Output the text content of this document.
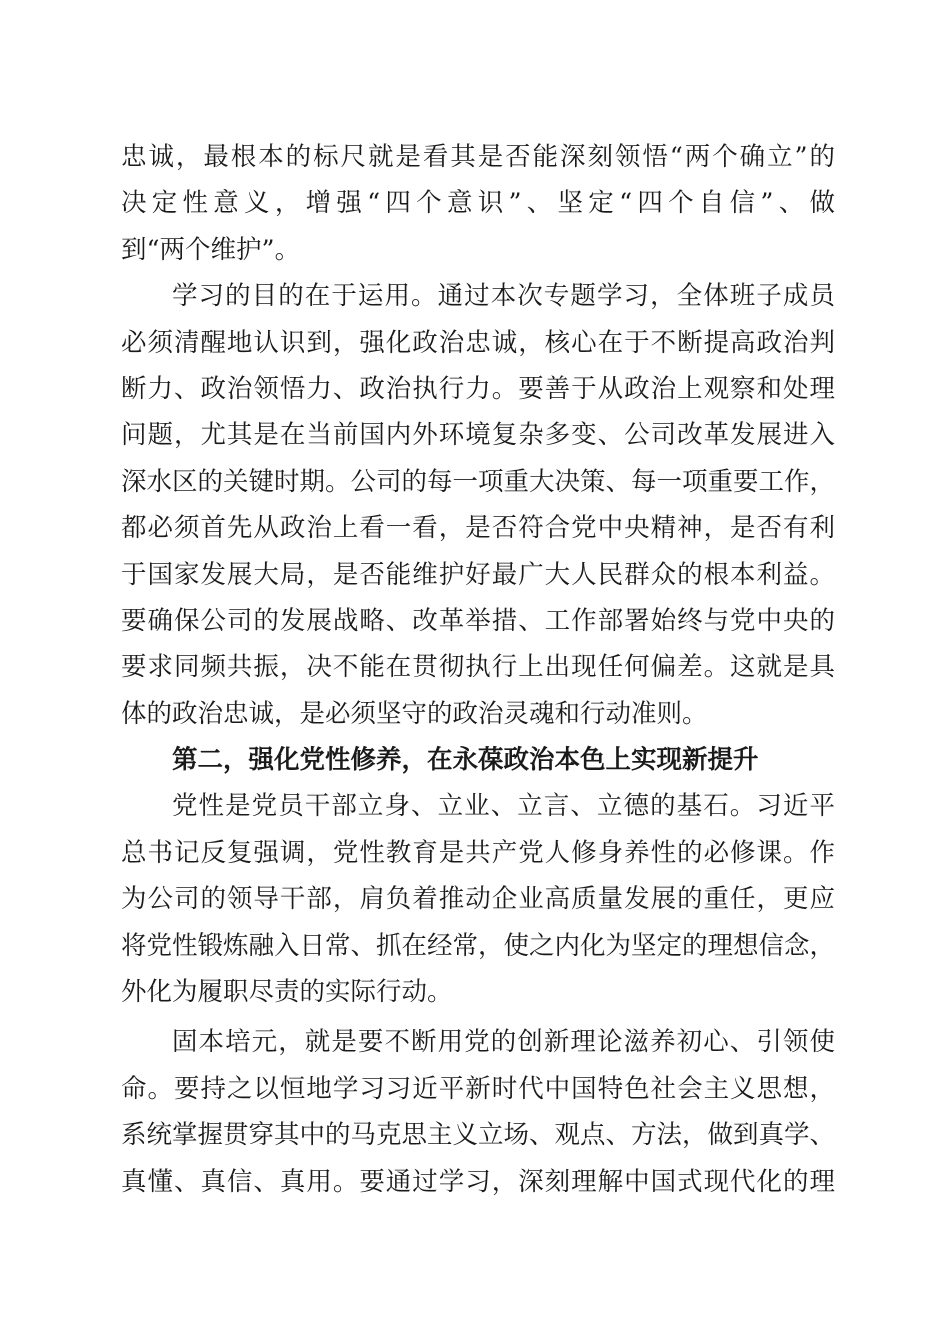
忠诚，最根本的标尺就是看其是否能深刻领悟“两个确立”的
决定性意义，增强“四个意识”、坚定“四个自信”、做
到“两个维护”。
学习的目的在于运用。通过本次专题学习，全体班子成员
必须清醒地认识到，强化政治忠诚，核心在于不断提高政治判
断力、政治领悟力、政治执行力。要善于从政治上观察和处理
问题，尤其是在当前国内外环境复杂多变、公司改革发展进入
深水区的关键时期。公司的每一项重大决策、每一项重要工作，
都必须首先从政治上看一看，是否符合党中央精神，是否有利
于国家发展大局，是否能维护好最广大人民群众的根本利益。
要确保公司的发展战略、改革举措、工作部署始终与党中央的
要求同频共振，决不能在贯彻执行上出现任何偏差。这就是具
体的政治忠诚，是必须坚守的政治灵魂和行动准则。
第二，强化党性修养，在永葆政治本色上实现新提升
党性是党员干部立身、立业、立言、立德的基石。习近平
总书记反复强调，党性教育是共产党人修身养性的必修课。作
为公司的领导干部，肩负着推动企业高质量发展的重任，更应
将党性锻炼融入日常、抓在经常，使之内化为坚定的理想信念，
外化为履职尽责的实际行动。
固本培元，就是要不断用党的创新理论滋养初心、引领使
命。要持之以恒地学习习近平新时代中国特色社会主义思想，
系统掌握贯穿其中的马克思主义立场、观点、方法，做到真学、
真懂、真信、真用。要通过学习，深刻理解中国式现代化的理
